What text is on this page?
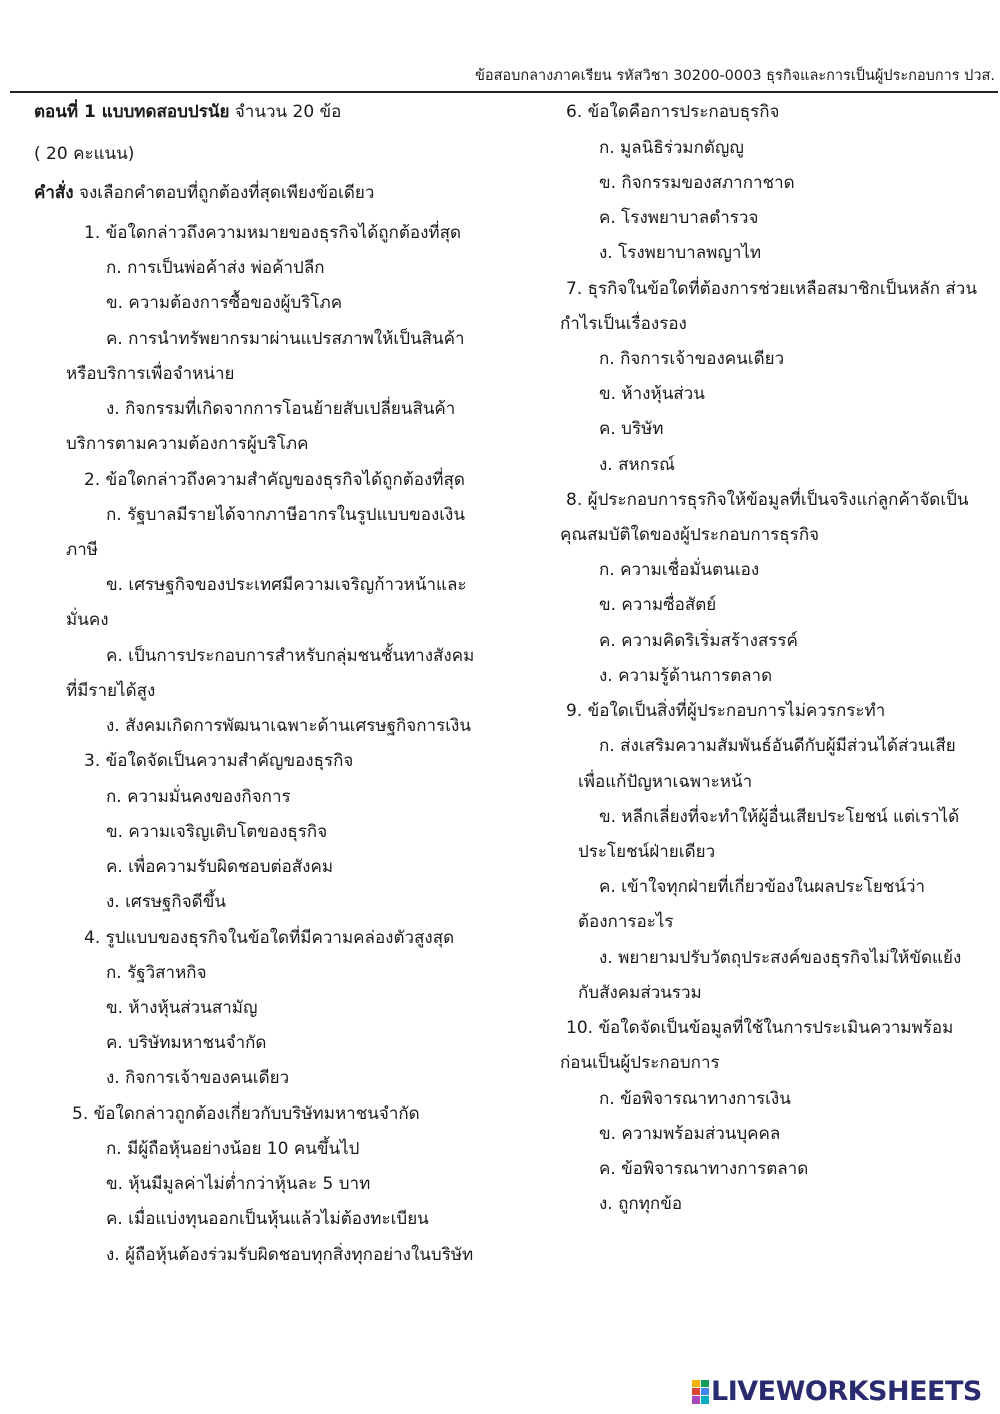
ข้อสอบกลางภาคเรียน รหัสวิชา 30200-0003 ธุรกิจและการเป็นผู้ประกอบการ ปวส.
ตอนที่ 1 แบบทดสอบปรนัย จำนวน 20 ข้อ
( 20 คะแนน)
คำสั่ง จงเลือกคำตอบที่ถูกต้องที่สุดเพียงข้อเดียว
1. ข้อใดกล่าวถึงความหมายของธุรกิจได้ถูกต้องที่สุด
ก. การเป็นพ่อค้าส่ง พ่อค้าปลีก
ข. ความต้องการซื้อของผู้บริโภค
ค. การนำทรัพยากรมาผ่านแปรสภาพให้เป็นสินค้า
หรือบริการเพื่อจำหน่าย
ง. กิจกรรมที่เกิดจากการโอนย้ายสับเปลี่ยนสินค้า
บริการตามความต้องการผู้บริโภค
2. ข้อใดกล่าวถึงความสำคัญของธุรกิจได้ถูกต้องที่สุด
ก. รัฐบาลมีรายได้จากภาษีอากรในรูปแบบของเงิน
ภาษี
ข. เศรษฐกิจของประเทศมีความเจริญก้าวหน้าและ
มั่นคง
ค. เป็นการประกอบการสำหรับกลุ่มชนชั้นทางสังคม
ที่มีรายได้สูง
ง. สังคมเกิดการพัฒนาเฉพาะด้านเศรษฐกิจการเงิน
3. ข้อใดจัดเป็นความสำคัญของธุรกิจ
ก. ความมั่นคงของกิจการ
ข. ความเจริญเติบโตของธุรกิจ
ค. เพื่อความรับผิดชอบต่อสังคม
ง. เศรษฐกิจดีขึ้น
4. รูปแบบของธุรกิจในข้อใดที่มีความคล่องตัวสูงสุด
ก. รัฐวิสาหกิจ
ข. ห้างหุ้นส่วนสามัญ
ค. บริษัทมหาชนจำกัด
ง. กิจการเจ้าของคนเดียว
5. ข้อใดกล่าวถูกต้องเกี่ยวกับบริษัทมหาชนจำกัด
ก. มีผู้ถือหุ้นอย่างน้อย 10 คนขึ้นไป
ข. หุ้นมีมูลค่าไม่ต่ำกว่าหุ้นละ 5 บาท
ค. เมื่อแบ่งทุนออกเป็นหุ้นแล้วไม่ต้องทะเบียน
ง. ผู้ถือหุ้นต้องร่วมรับผิดชอบทุกสิ่งทุกอย่างในบริษัท
6. ข้อใดคือการประกอบธุรกิจ
ก. มูลนิธิร่วมกตัญญู
ข. กิจกรรมของสภากาชาด
ค. โรงพยาบาลตำรวจ
ง. โรงพยาบาลพญาไท
7. ธุรกิจในข้อใดที่ต้องการช่วยเหลือสมาชิกเป็นหลัก ส่วน
กำไรเป็นเรื่องรอง
ก. กิจการเจ้าของคนเดียว
ข. ห้างหุ้นส่วน
ค. บริษัท
ง. สหกรณ์
8. ผู้ประกอบการธุรกิจให้ข้อมูลที่เป็นจริงแก่ลูกค้าจัดเป็น
คุณสมบัติใดของผู้ประกอบการธุรกิจ
ก. ความเชื่อมั่นตนเอง
ข. ความซื่อสัตย์
ค. ความคิดริเริ่มสร้างสรรค์
ง. ความรู้ด้านการตลาด
9. ข้อใดเป็นสิ่งที่ผู้ประกอบการไม่ควรกระทำ
ก. ส่งเสริมความสัมพันธ์อันดีกับผู้มีส่วนได้ส่วนเสีย
เพื่อแก้ปัญหาเฉพาะหน้า
ข. หลีกเลี่ยงที่จะทำให้ผู้อื่นเสียประโยชน์ แต่เราได้
ประโยชน์ฝ่ายเดียว
ค. เข้าใจทุกฝ่ายที่เกี่ยวข้องในผลประโยชน์ว่า
ต้องการอะไร
ง. พยายามปรับวัตถุประสงค์ของธุรกิจไม่ให้ขัดแย้ง
กับสังคมส่วนรวม
10. ข้อใดจัดเป็นข้อมูลที่ใช้ในการประเมินความพร้อม
ก่อนเป็นผู้ประกอบการ
ก. ข้อพิจารณาทางการเงิน
ข. ความพร้อมส่วนบุคคล
ค. ข้อพิจารณาทางการตลาด
ง. ถูกทุกข้อ
LIVEWORKSHEETS
